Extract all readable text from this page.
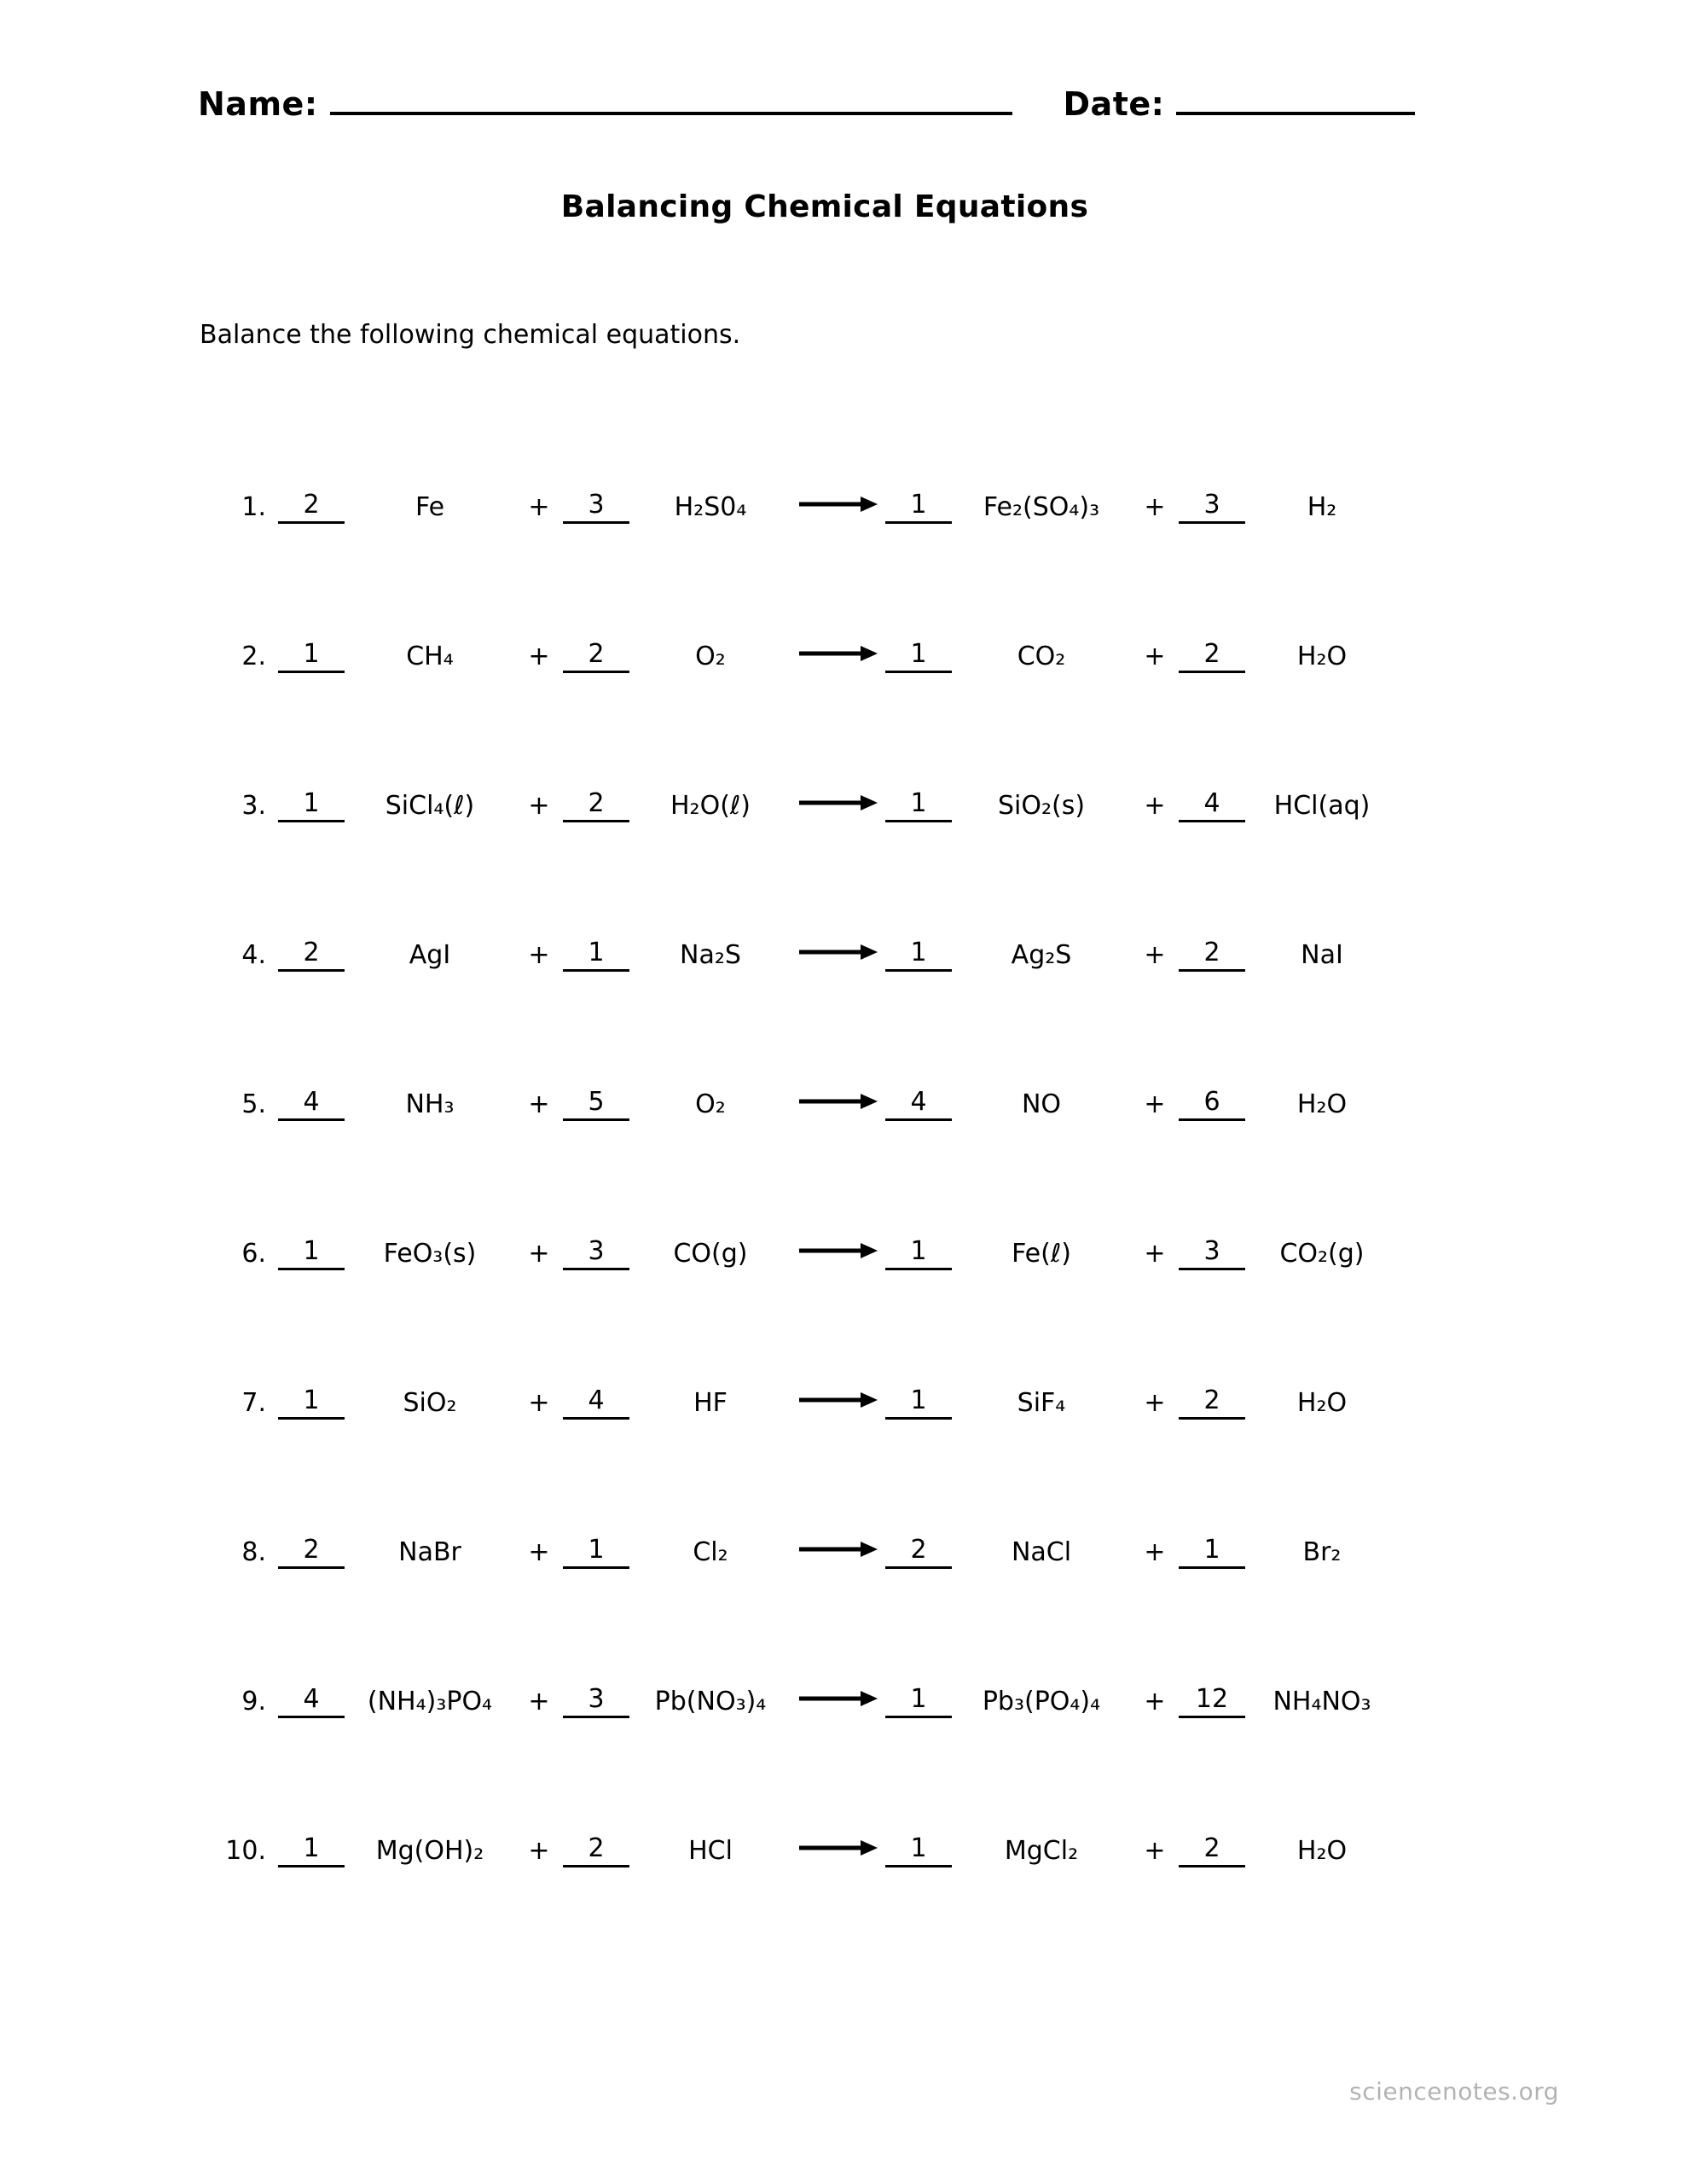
Name:	Date:
Balancing Chemical Equations
Balance the following chemical equations.
1.	2	Fe	+	3	H₂S0₄	1	Fe₂(SO₄)₃	+	3	H₂
2.	1	CH₄	+	2	O₂	1	CO₂	+	2	H₂O
3.	1	SiCl₄(ℓ)	+	2	H₂O(ℓ)	1	SiO₂(s)	+	4	HCl(aq)
4.	2	AgI	+	1	Na₂S	1	Ag₂S	+	2	NaI
5.	4	NH₃	+	5	O₂	4	NO	+	6	H₂O
6.	1	FeO₃(s)	+	3	CO(g)	1	Fe(ℓ)	+	3	CO₂(g)
7.	1	SiO₂	+	4	HF	1	SiF₄	+	2	H₂O
8.	2	NaBr	+	1	Cl₂	2	NaCl	+	1	Br₂
9.	4	(NH₄)₃PO₄	+	3	Pb(NO₃)₄	1	Pb₃(PO₄)₄	+	12	NH₄NO₃
10.	1	Mg(OH)₂	+	2	HCl	1	MgCl₂	+	2	H₂O
sciencenotes.org
